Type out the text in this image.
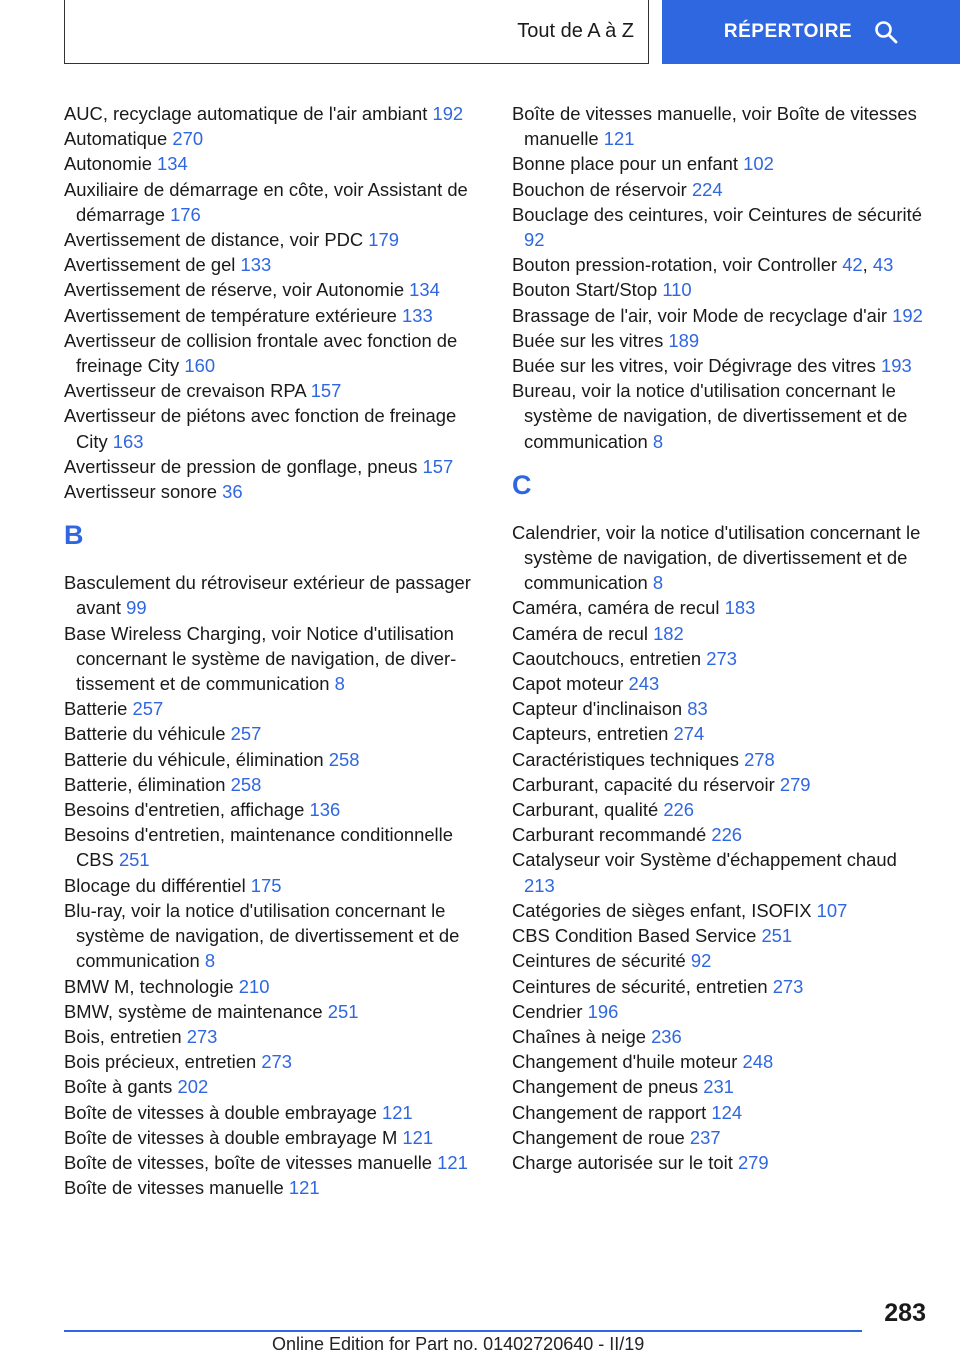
Tout de A à Z	RÉPERTOIRE
AUC, recyclage automatique de l'air ambiant 192
Automatique 270
Autonomie 134
Auxiliaire de démarrage en côte, voir Assistant de démarrage 176
Avertissement de distance, voir PDC 179
Avertissement de gel 133
Avertissement de réserve, voir Autonomie 134
Avertissement de température extérieure 133
Avertisseur de collision frontale avec fonction de freinage City 160
Avertisseur de crevaison RPA 157
Avertisseur de piétons avec fonction de freinage City 163
Avertisseur de pression de gonflage, pneus 157
Avertisseur sonore 36
B
Basculement du rétroviseur extérieur de passager avant 99
Base Wireless Charging, voir Notice d'utilisation concernant le système de navigation, de divertissement et de communication 8
Batterie 257
Batterie du véhicule 257
Batterie du véhicule, élimination 258
Batterie, élimination 258
Besoins d'entretien, affichage 136
Besoins d'entretien, maintenance conditionnelle CBS 251
Blocage du différentiel 175
Blu-ray, voir la notice d'utilisation concernant le système de navigation, de divertissement et de communication 8
BMW M, technologie 210
BMW, système de maintenance 251
Bois, entretien 273
Bois précieux, entretien 273
Boîte à gants 202
Boîte de vitesses à double embrayage 121
Boîte de vitesses à double embrayage M 121
Boîte de vitesses, boîte de vitesses manuelle 121
Boîte de vitesses manuelle 121
Boîte de vitesses manuelle, voir Boîte de vitesses manuelle 121
Bonne place pour un enfant 102
Bouchon de réservoir 224
Bouclage des ceintures, voir Ceintures de sécurité 92
Bouton pression-rotation, voir Controller 42, 43
Bouton Start/Stop 110
Brassage de l'air, voir Mode de recyclage d'air 192
Buée sur les vitres 189
Buée sur les vitres, voir Dégivrage des vitres 193
Bureau, voir la notice d'utilisation concernant le système de navigation, de divertissement et de communication 8
C
Calendrier, voir la notice d'utilisation concernant le système de navigation, de divertissement et de communication 8
Caméra, caméra de recul 183
Caméra de recul 182
Caoutchoucs, entretien 273
Capot moteur 243
Capteur d'inclinaison 83
Capteurs, entretien 274
Caractéristiques techniques 278
Carburant, capacité du réservoir 279
Carburant, qualité 226
Carburant recommandé 226
Catalyseur voir Système d'échappement chaud 213
Catégories de sièges enfant, ISOFIX 107
CBS Condition Based Service 251
Ceintures de sécurité 92
Ceintures de sécurité, entretien 273
Cendrier 196
Chaînes à neige 236
Changement d'huile moteur 248
Changement de pneus 231
Changement de rapport 124
Changement de roue 237
Charge autorisée sur le toit 279
283
Online Edition for Part no. 01402720640 - II/19
